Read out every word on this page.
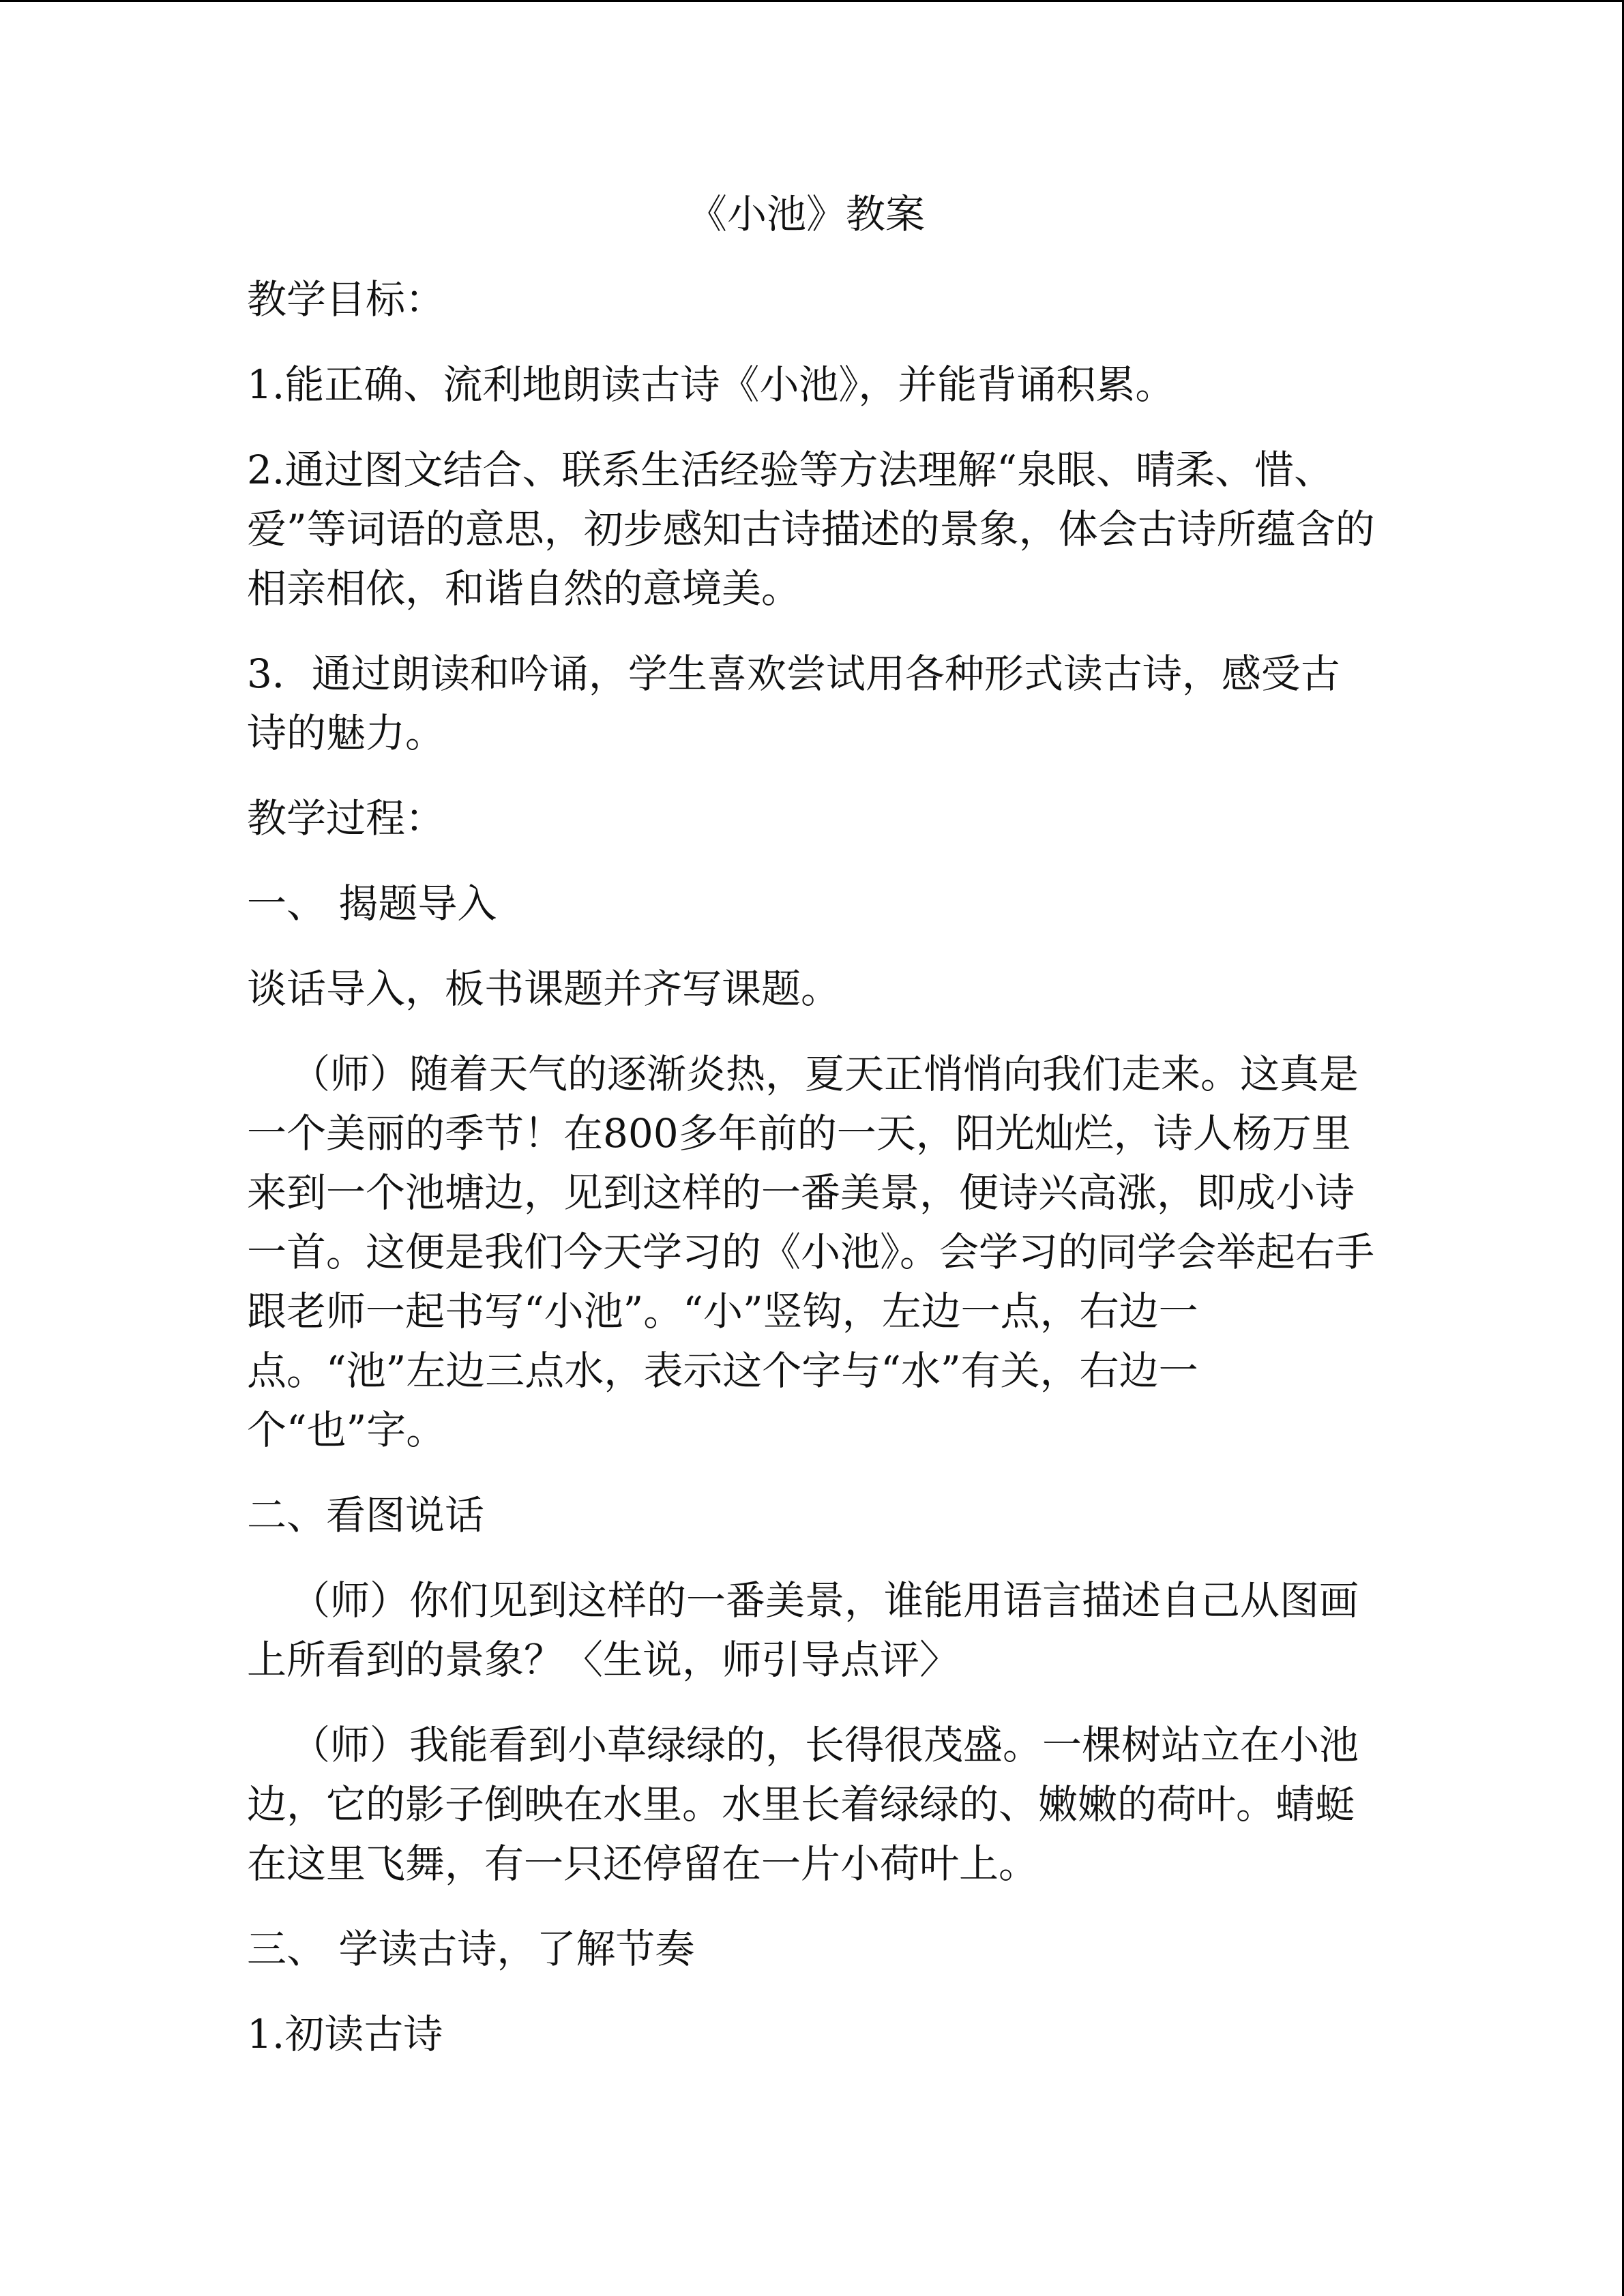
《小池》教案
教学目标：
1.能正确、流利地朗读古诗《小池》，并能背诵积累。
2.通过图文结合、联系生活经验等方法理解“泉眼、晴柔、惜、爱”等词语的意思，初步感知古诗描述的景象，体会古诗所蕴含的相亲相依，和谐自然的意境美。
3．通过朗读和吟诵，学生喜欢尝试用各种形式读古诗，感受古诗的魅力。
教学过程：
一、 揭题导入
谈话导入，板书课题并齐写课题。
（师）随着天气的逐渐炎热，夏天正悄悄向我们走来。这真是一个美丽的季节！在800多年前的一天，阳光灿烂，诗人杨万里来到一个池塘边，见到这样的一番美景，便诗兴高涨，即成小诗一首。这便是我们今天学习的《小池》。会学习的同学会举起右手跟老师一起书写“小池”。“小”竖钩，左边一点，右边一点。“池”左边三点水，表示这个字与“水”有关，右边一个“也”字。
二、看图说话
（师）你们见到这样的一番美景，谁能用语言描述自己从图画上所看到的景象？〈生说，师引导点评〉
（师）我能看到小草绿绿的，长得很茂盛。一棵树站立在小池边，它的影子倒映在水里。水里长着绿绿的、嫩嫩的荷叶。蜻蜓在这里飞舞，有一只还停留在一片小荷叶上。
三、 学读古诗，了解节奏
1.初读古诗
